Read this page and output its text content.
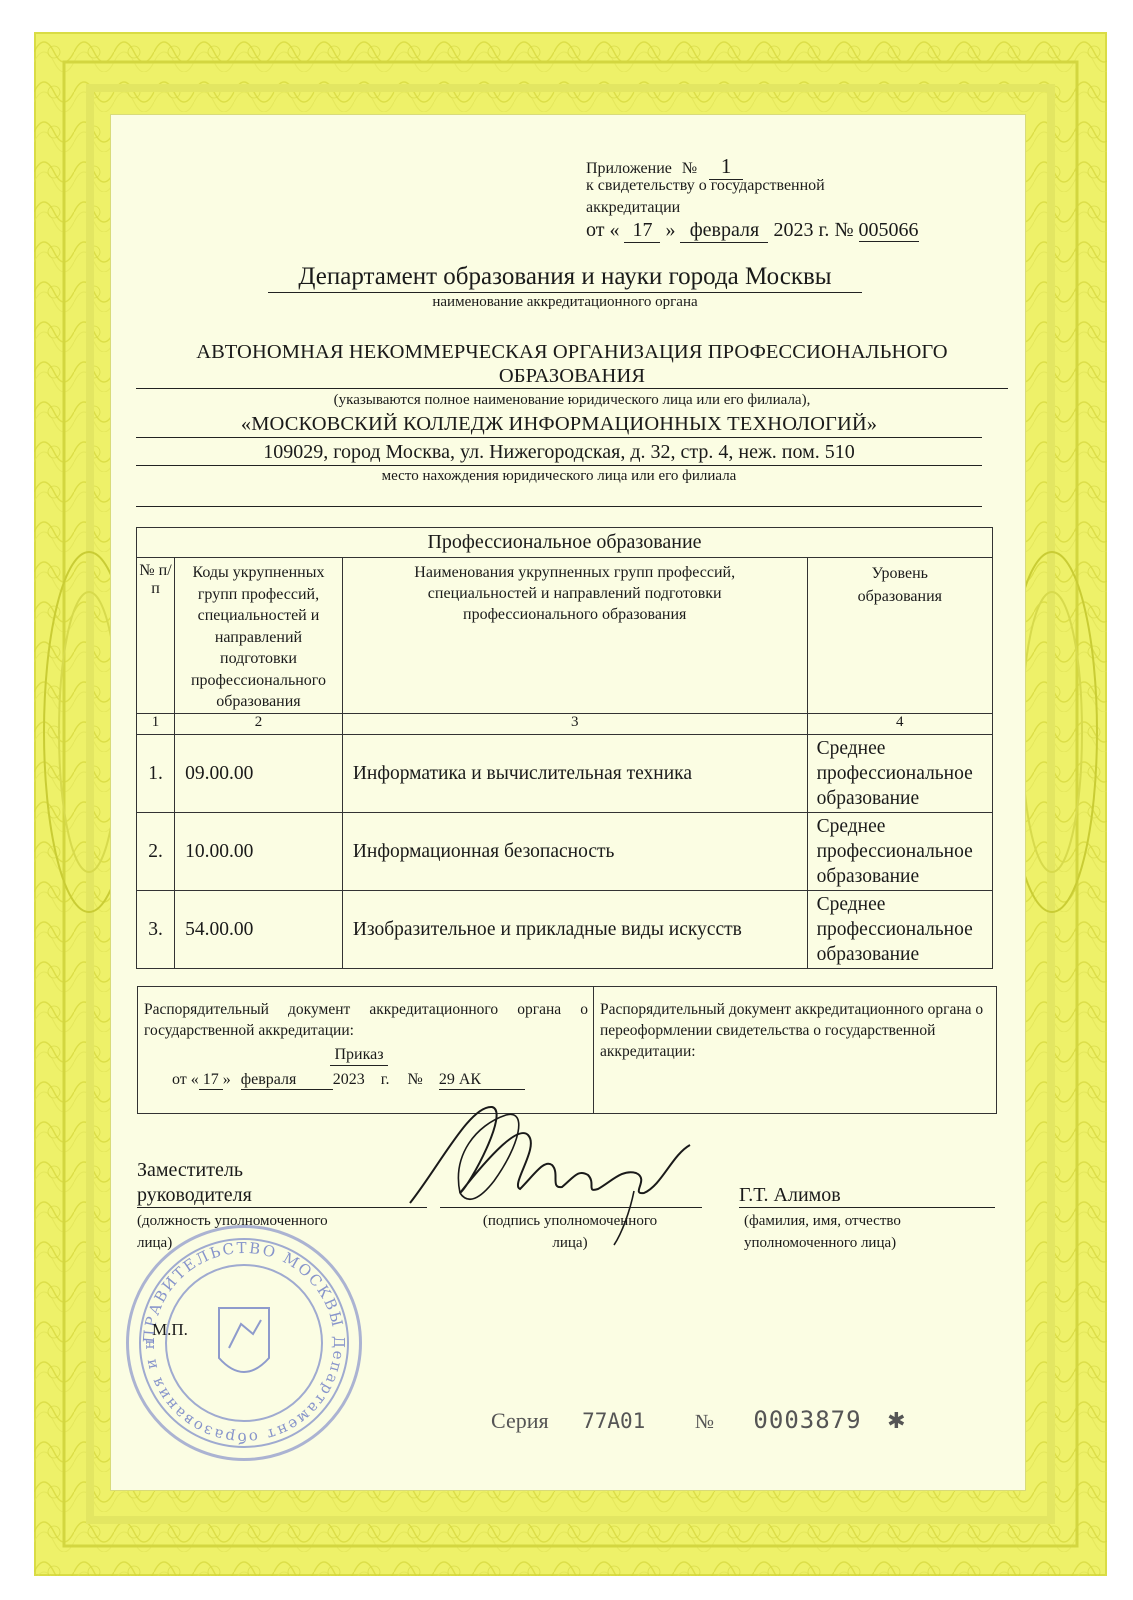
Приложение № 1
к свидетельству о государственной
аккредитации
от « 17 » февраля 2023 г. № 005066
Департамент образования и науки города Москвы
наименование аккредитационного органа
АВТОНОМНАЯ НЕКОММЕРЧЕСКАЯ ОРГАНИЗАЦИЯ ПРОФЕССИОНАЛЬНОГО
ОБРАЗОВАНИЯ
(указываются полное наименование юридического лица или его филиала),
«МОСКОВСКИЙ КОЛЛЕДЖ ИНФОРМАЦИОННЫХ ТЕХНОЛОГИЙ»
109029, город Москва, ул. Нижегородская, д. 32, стр. 4, неж. пом. 510
место нахождения юридического лица или его филиала
Профессиональное образование			
№ п/п	Коды укрупненных групп профессий, специальностей и направлений подготовки профессионального образования	Наименования укрупненных групп профессий, специальностей и направлений подготовки профессионального образования	Уровень образования
1	2	3	4
1.	09.00.00	Информатика и вычислительная техника	Среднее профессиональное образование
2.	10.00.00	Информационная безопасность	Среднее профессиональное образование
3.	54.00.00	Изобразительное и прикладные виды искусств	Среднее профессиональное образование
Распорядительный документ аккредитационного органа о государственной аккредитации:
Приказ
от « 17 » февраля 2023 г. № 29 АК
Распорядительный документ аккредитационного органа о переоформлении свидетельства о государственной аккредитации:
Заместитель
руководителя
(должность уполномоченного лица)
(подпись уполномоченного лица)
Г.Т. Алимов
(фамилия, имя, отчество уполномоченного лица)
ПРАВИТЕЛЬСТВО МОСКВЫ Департамент образования и н
М.П.
Серия 77А01 № 0003879 ✱
